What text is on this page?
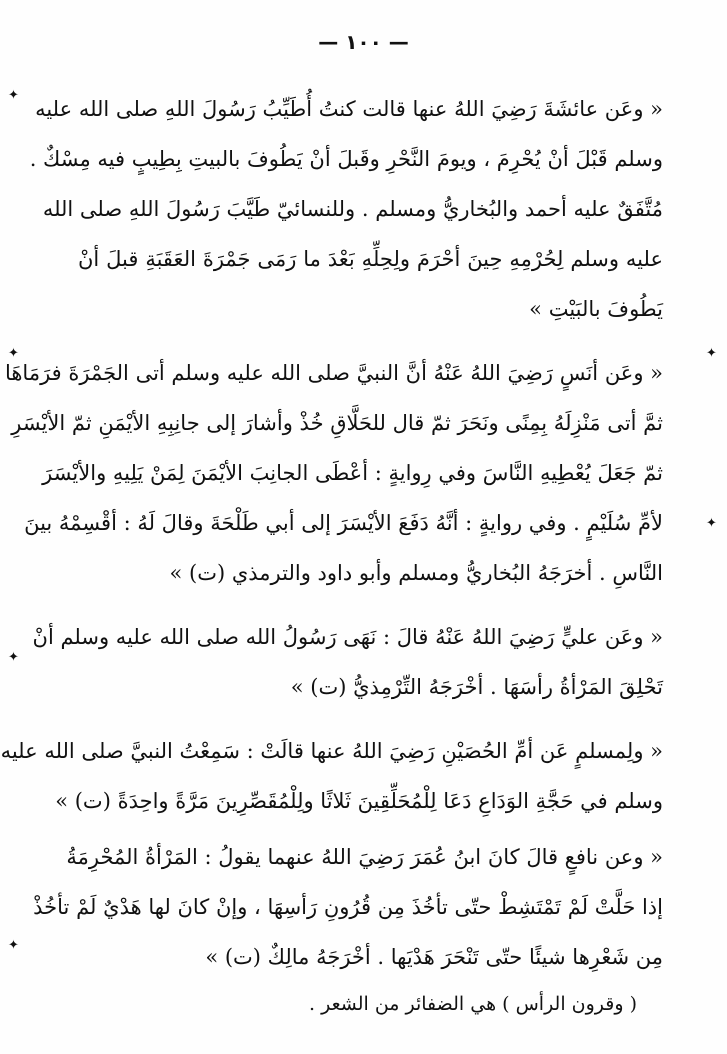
— ١٠٠ —
✦
✦
✦
✦
✦
✦
« وعَن عائشَةَ رَضِيَ اللهُ عنها قالت كنتُ أُطَيِّبُ رَسُولَ اللهِ صلى الله عليه
وسلم قَبْلَ أنْ يُحْرِمَ ، ويومَ النَّحْرِ وقَبلَ أنْ يَطُوفَ بالبيتِ بِطِيبٍ فيه مِسْكٌ .
مُتَّفَقٌ عليه أحمد والبُخاريُّ ومسلم . وللنسائيّ طَيَّبَ رَسُولَ اللهِ صلى الله
عليه وسلم لِحُرْمِهِ حِينَ أحْرَمَ ولِحِلِّهِ بَعْدَ ما رَمَى جَمْرَةَ العَقَبَةِ قبلَ أنْ
يَطُوفَ بالبَيْتِ »
« وعَن أنَسٍ رَضِيَ اللهُ عَنْهُ أنَّ النبيَّ صلى الله عليه وسلم أتى الجَمْرَةَ فرَمَاهَا
ثمَّ أتى مَنْزِلَهُ بِمِنًى ونَحَرَ ثمّ قال للحَلَّاقِ خُذْ وأشارَ إلى جانِبِهِ الأيْمَنِ ثمّ الأيْسَرِ
ثمّ جَعَلَ يُعْطِيهِ النَّاسَ وفي رِوايةٍ : أعْطَى الجانِبَ الأيْمَنَ لِمَنْ يَلِيهِ والأيْسَرَ
لأمِّ سُلَيْمٍ . وفي روايةٍ : أنَّهُ دَفَعَ الأيْسَرَ إلى أبي طَلْحَةَ وقالَ لَهُ : أقْسِمْهُ بينَ
النَّاسِ . أخرَجَهُ البُخاريُّ ومسلم وأبو داود والترمذي (ت) »
« وعَن عليٍّ رَضِيَ اللهُ عَنْهُ قالَ : نَهَى رَسُولُ الله صلى الله عليه وسلم أنْ
تَحْلِقَ المَرْأةُ رأسَهَا . أخْرَجَهُ التِّرْمِذيُّ (ت) »
« ولِمسلمٍ عَن أمِّ الحُصَيْنِ رَضِيَ اللهُ عنها قالَتْ : سَمِعْتُ النبيَّ صلى الله عليه
وسلم في حَجَّةِ الوَدَاعِ دَعَا لِلْمُحَلِّقِينَ ثَلاثًا ولِلْمُقَصِّرِينَ مَرَّةً واحِدَةً (ت) »
« وعن نافعٍ قالَ كانَ ابنُ عُمَرَ رَضِيَ اللهُ عنهما يقولُ : المَرْأةُ المُحْرِمَةُ
إذا حَلَّتْ لَمْ تَمْتَشِطْ حتّى تأخُذَ مِن قُرُونِ رَأسِهَا ، وإنْ كانَ لها هَدْيٌ لَمْ تأخُذْ
مِن شَعْرِها شيئًا حتّى تَنْحَرَ هَدْيَها . أخْرَجَهُ مالِكٌ (ت) »
( وقرون الرأس ) هي الضفائر من الشعر .
